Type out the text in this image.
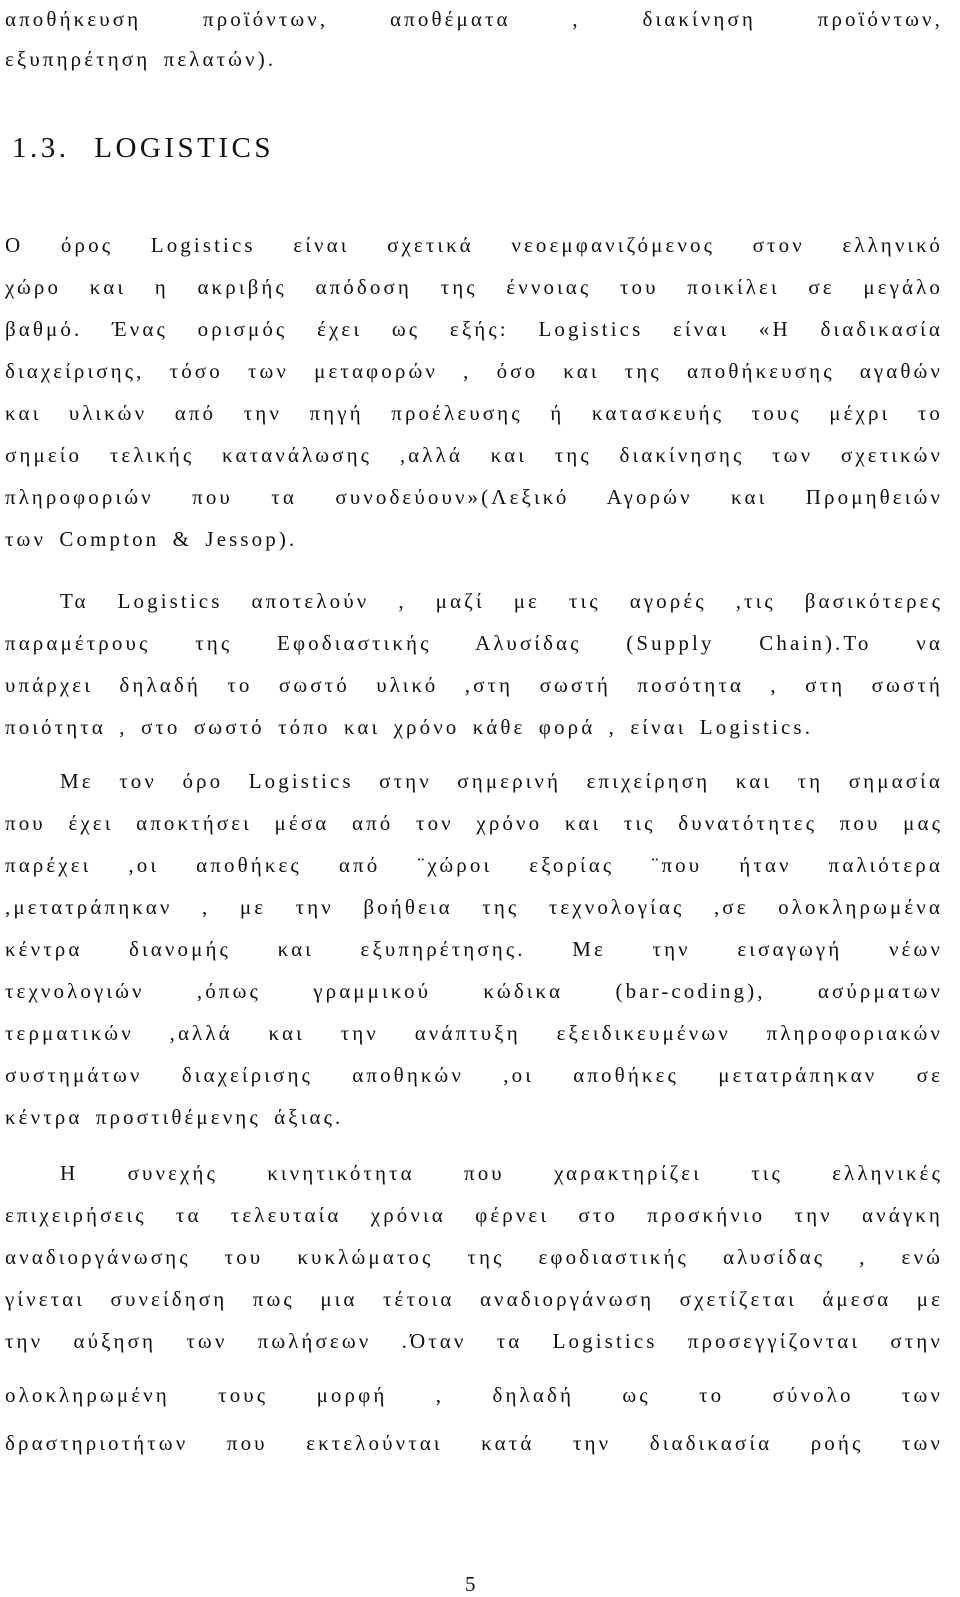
αποθήκευση προϊόντων, αποθέματα , διακίνηση προϊόντων,
εξυπηρέτηση πελατών).
1.3. LOGISTICS
Ο όρος Logistics είναι σχετικά νεοεμφανιζόμενος στον ελληνικό
χώρο και η ακριβής απόδοση της έννοιας του ποικίλει σε μεγάλο
βαθμό. Ένας ορισμός έχει ως εξής: Logistics είναι «Η διαδικασία
διαχείρισης, τόσο των μεταφορών , όσο και της αποθήκευσης αγαθών
και υλικών από την πηγή προέλευσης ή κατασκευής τους μέχρι το
σημείο τελικής κατανάλωσης ,αλλά και της διακίνησης των σχετικών
πληροφοριών που τα συνοδεύουν»(Λεξικό Αγορών και Προμηθειών
των Compton & Jessop).
Τα Logistics αποτελούν , μαζί με τις αγορές ,τις βασικότερες
παραμέτρους της Εφοδιαστικής Αλυσίδας (Supply Chain).Το να
υπάρχει δηλαδή το σωστό υλικό ,στη σωστή ποσότητα , στη σωστή
ποιότητα , στο σωστό τόπο και χρόνο κάθε φορά , είναι Logistics.
Με τον όρο Logistics στην σημερινή επιχείρηση και τη σημασία
που έχει αποκτήσει μέσα από τον χρόνο και τις δυνατότητες που μας
παρέχει ,οι αποθήκες από ¨χώροι εξορίας ¨που ήταν παλιότερα
,μετατράπηκαν , με την βοήθεια της τεχνολογίας ,σε ολοκληρωμένα
κέντρα διανομής και εξυπηρέτησης. Με την εισαγωγή νέων
τεχνολογιών ,όπως γραμμικού κώδικα (bar-coding), ασύρματων
τερματικών ,αλλά και την ανάπτυξη εξειδικευμένων πληροφοριακών
συστημάτων διαχείρισης αποθηκών ,οι αποθήκες μετατράπηκαν σε
κέντρα προστιθέμενης άξιας.
Η συνεχής κινητικότητα που χαρακτηρίζει τις ελληνικές
επιχειρήσεις τα τελευταία χρόνια φέρνει στο προσκήνιο την ανάγκη
αναδιοργάνωσης του κυκλώματος της εφοδιαστικής αλυσίδας , ενώ
γίνεται συνείδηση πως μια τέτοια αναδιοργάνωση σχετίζεται άμεσα με
την αύξηση των πωλήσεων .Όταν τα Logistics προσεγγίζονται στην
ολοκληρωμένη τους μορφή , δηλαδή ως το σύνολο των
δραστηριοτήτων που εκτελούνται κατά την διαδικασία ροής των
5
